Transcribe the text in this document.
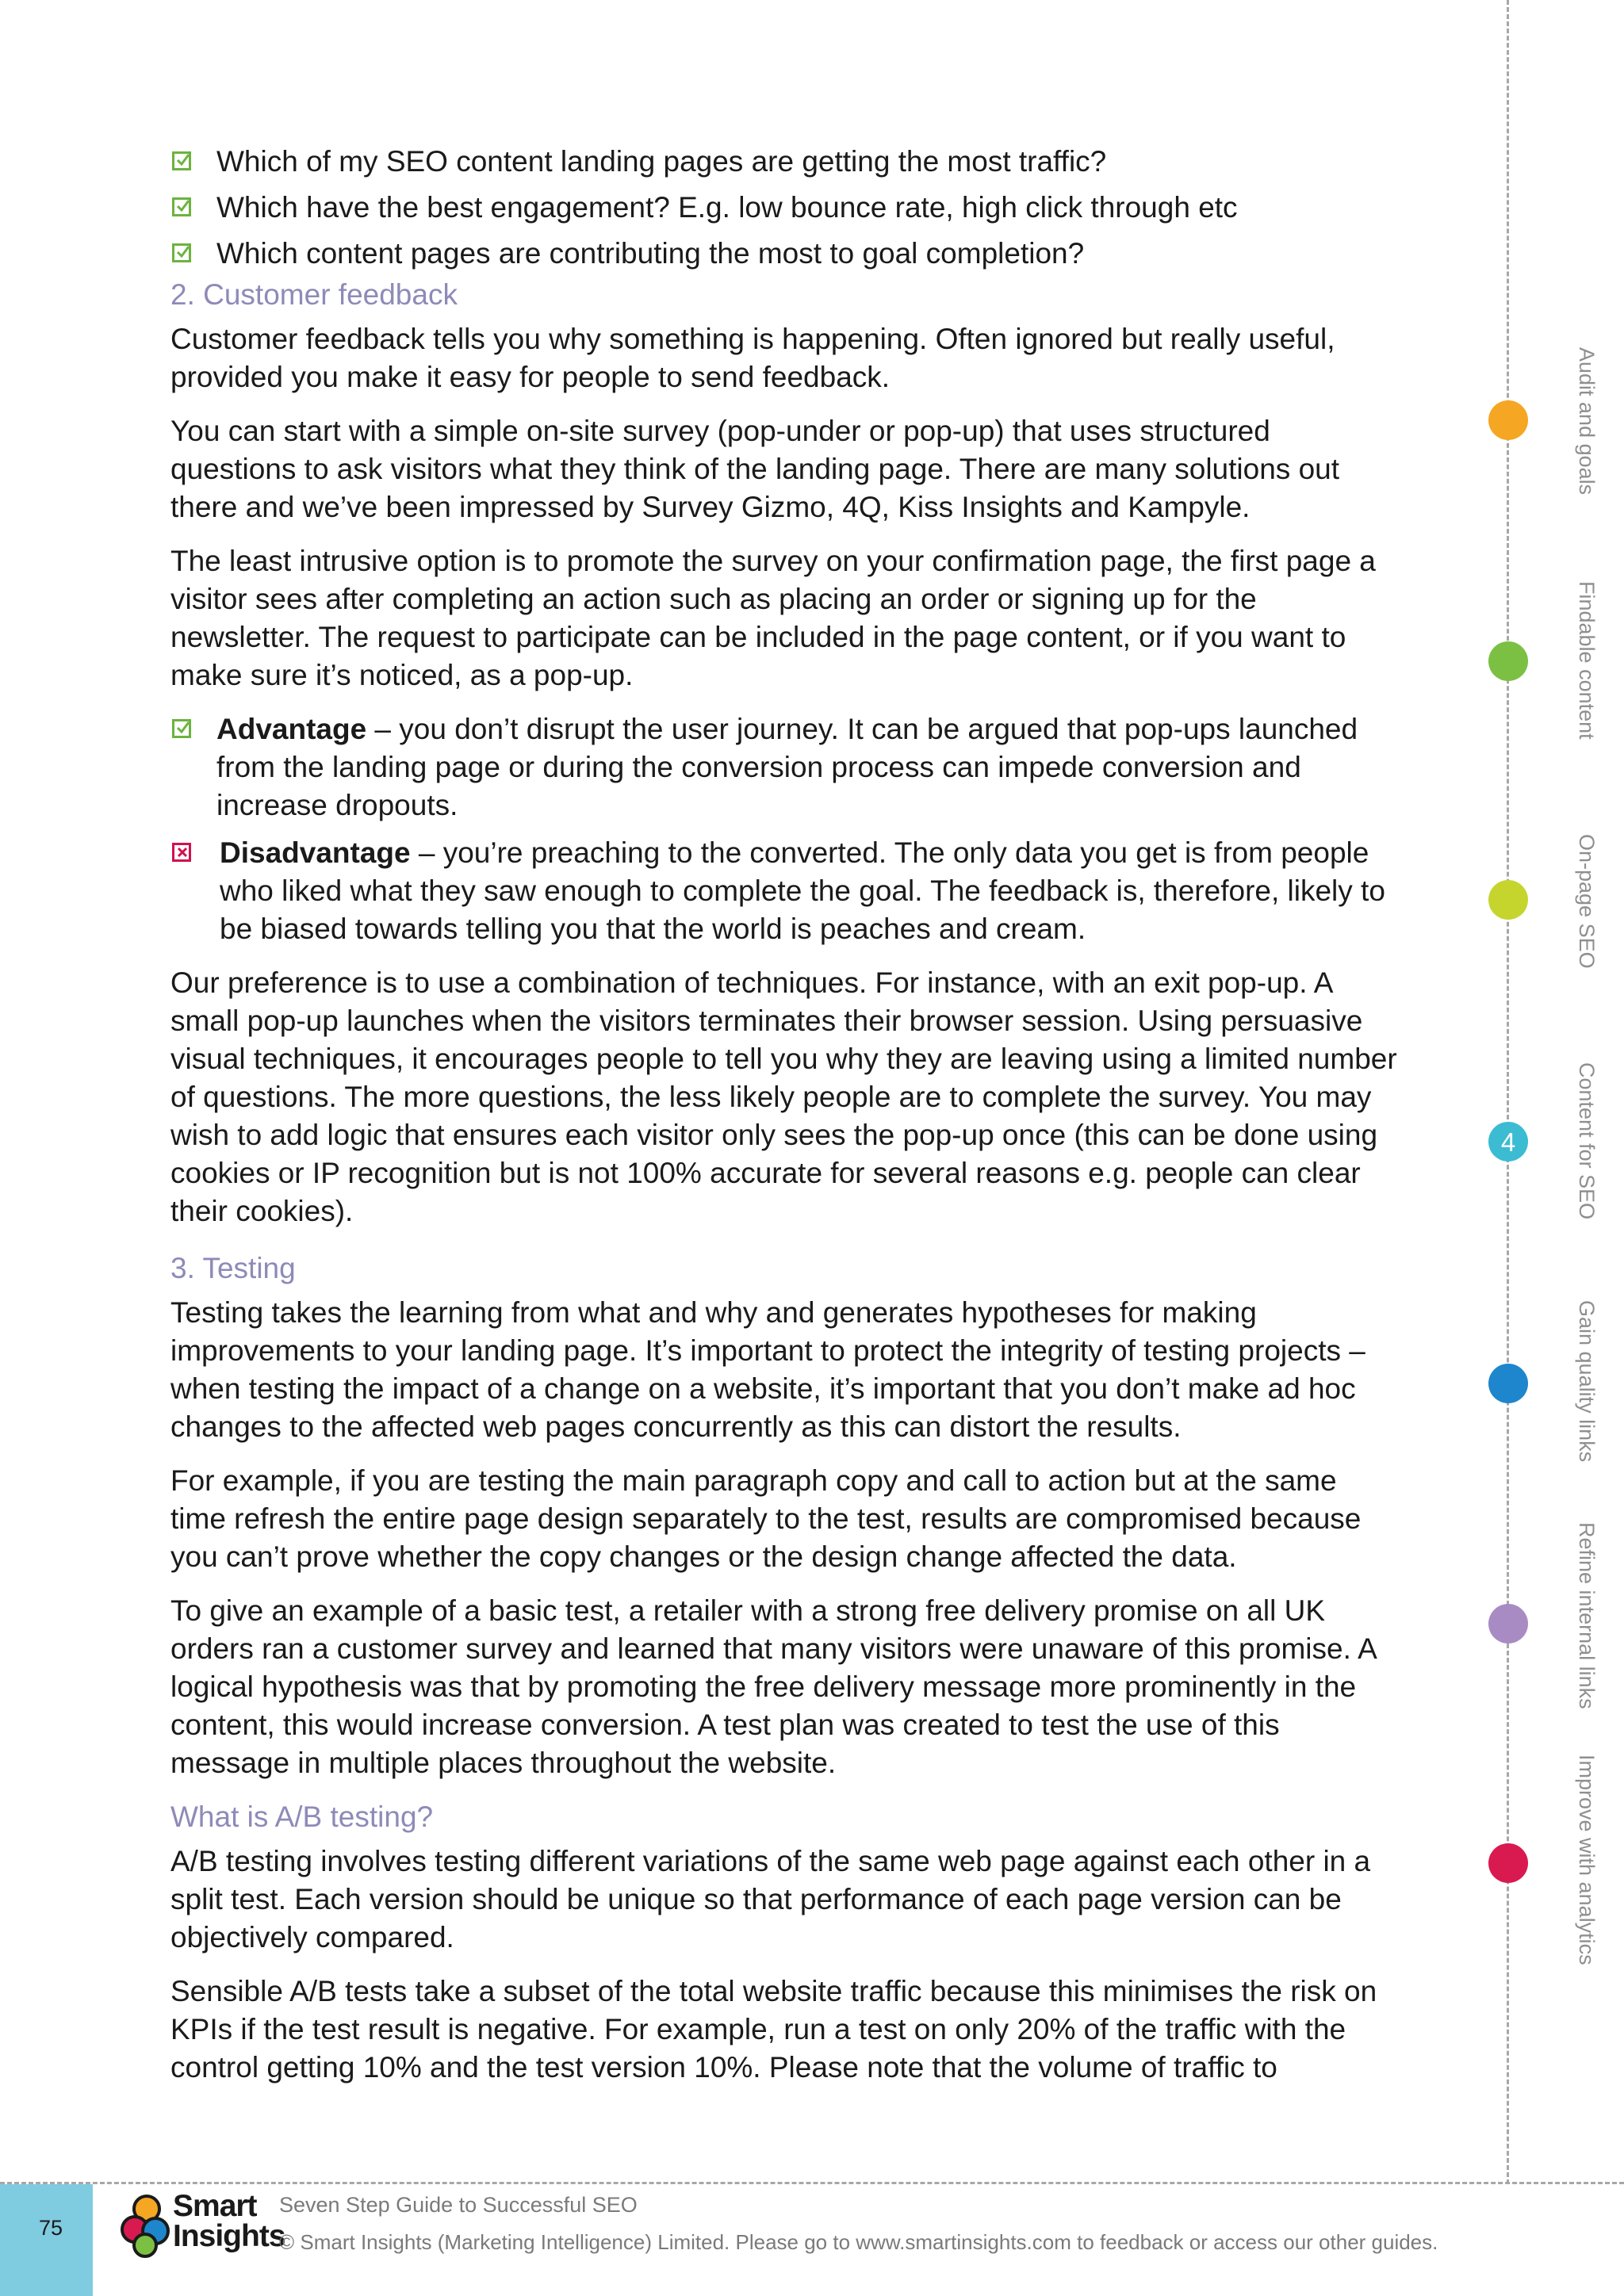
Which of my SEO content landing pages are getting the most traffic?
Which have the best engagement? E.g. low bounce rate, high click through etc
Which content pages are contributing the most to goal completion?
2. Customer feedback

Customer feedback tells you why something is happening. Often ignored but really useful, provided you make it easy for people to send feedback.

You can start with a simple on-site survey (pop-under or pop-up) that uses structured questions to ask visitors what they think of the landing page. There are many solutions out there and we’ve been impressed by Survey Gizmo, 4Q, Kiss Insights and Kampyle.

The least intrusive option is to promote the survey on your confirmation page, the first page a visitor sees after completing an action such as placing an order or signing up for the newsletter. The request to participate can be included in the page content, or if you want to make sure it’s noticed, as a pop-up.

Advantage – you don’t disrupt the user journey. It can be argued that pop-ups launched from the landing page or during the conversion process can impede conversion and increase dropouts.
Disadvantage – you’re preaching to the converted. The only data you get is from people who liked what they saw enough to complete the goal. The feedback is, therefore, likely to be biased towards telling you that the world is peaches and cream.

Our preference is to use a combination of techniques. For instance, with an exit pop-up. A small pop-up launches when the visitors terminates their browser session. Using persuasive visual techniques, it encourages people to tell you why they are leaving using a limited number of questions. The more questions, the less likely people are to complete the survey. You may wish to add logic that ensures each visitor only sees the pop-up once (this can be done using cookies or IP recognition but is not 100% accurate for several reasons e.g. people can clear their cookies).

3. Testing

Testing takes the learning from what and why and generates hypotheses for making improvements to your landing page. It’s important to protect the integrity of testing projects – when testing the impact of a change on a website, it’s important that you don’t make ad hoc changes to the affected web pages concurrently as this can distort the results.

For example, if you are testing the main paragraph copy and call to action but at the same time refresh the entire page design separately to the test, results are compromised because you can’t prove whether the copy changes or the design change affected the data.

To give an example of a basic test, a retailer with a strong free delivery promise on all UK orders ran a customer survey and learned that many visitors were unaware of this promise. A logical hypothesis was that by promoting the free delivery message more prominently in the content, this would increase conversion. A test plan was created to test the use of this message in multiple places throughout the website.

What is A/B testing?

A/B testing involves testing different variations of the same web page against each other in a split test. Each version should be unique so that performance of each page version can be objectively compared.

Sensible A/B tests take a subset of the total website traffic because this minimises the risk on KPIs if the test result is negative. For example, run a test on only 20% of the traffic with the control getting 10% and the test version 10%. Please note that the volume of traffic to

Audit and goals
Findable content
On-page SEO
4	Content for SEO
Gain quality links
Refine internal links
Improve with analytics
75
Smart
Insights
Seven Step Guide to Successful SEO
© Smart Insights (Marketing Intelligence) Limited. Please go to www.smartinsights.com to feedback or access our other guides.
